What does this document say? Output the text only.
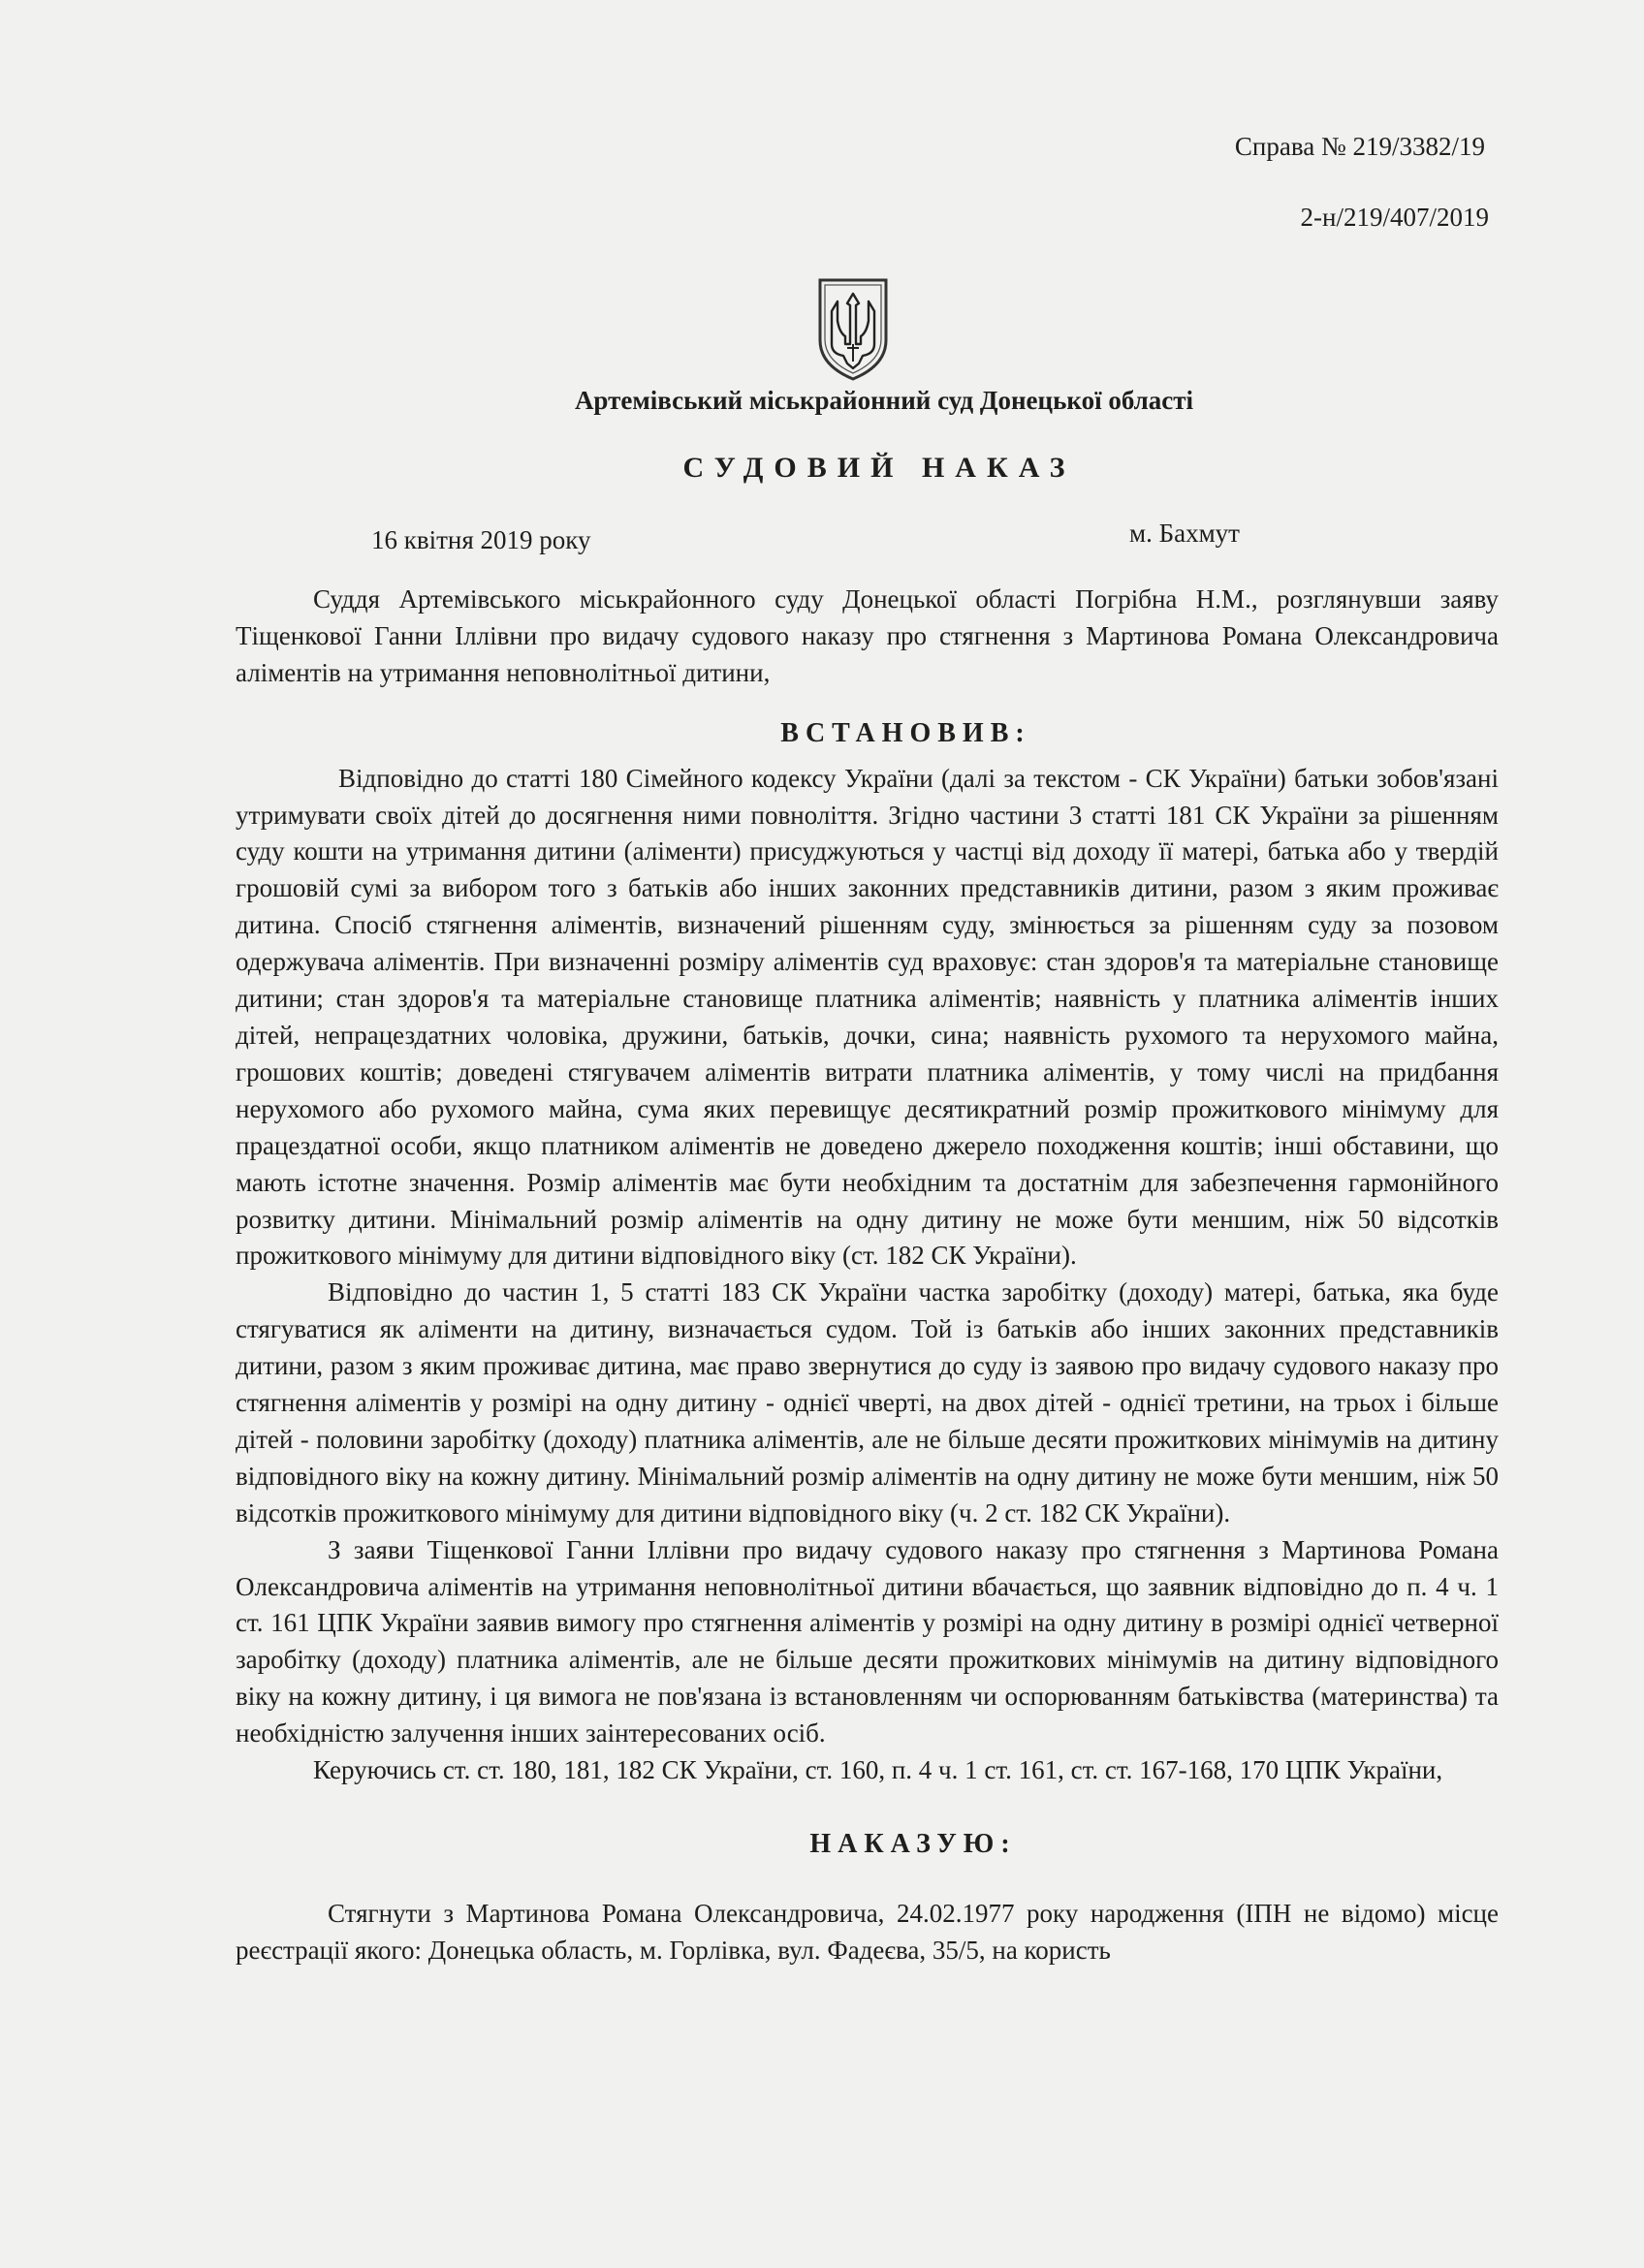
Справа № 219/3382/19
2-н/219/407/2019
Артемівський міськрайонний суд Донецької області
СУДОВИЙ НАКАЗ
16 квітня 2019 року	м. Бахмут

Суддя Артемівського міськрайонного суду Донецької області Погрібна Н.М., розглянувши заяву Тіщенкової Ганни Іллівни про видачу судового наказу про стягнення з Мартинова Романа Олександровича аліментів на утримання неповнолітньої дитини,

ВСТАНОВИВ:

Відповідно до статті 180 Сімейного кодексу України (далі за текстом - СК України) батьки зобов'язані утримувати своїх дітей до досягнення ними повноліття. Згідно частини 3 статті 181 СК України за рішенням суду кошти на утримання дитини (аліменти) присуджуються у частці від доходу її матері, батька або у твердій грошовій сумі за вибором того з батьків або інших законних представників дитини, разом з яким проживає дитина. Спосіб стягнення аліментів, визначений рішенням суду, змінюється за рішенням суду за позовом одержувача аліментів. При визначенні розміру аліментів суд враховує: стан здоров'я та матеріальне становище дитини; стан здоров'я та матеріальне становище платника аліментів; наявність у платника аліментів інших дітей, непрацездатних чоловіка, дружини, батьків, дочки, сина; наявність рухомого та нерухомого майна, грошових коштів; доведені стягувачем аліментів витрати платника аліментів, у тому числі на придбання нерухомого або рухомого майна, сума яких перевищує десятикратний розмір прожиткового мінімуму для працездатної особи, якщо платником аліментів не доведено джерело походження коштів; інші обставини, що мають істотне значення. Розмір аліментів має бути необхідним та достатнім для забезпечення гармонійного розвитку дитини. Мінімальний розмір аліментів на одну дитину не може бути меншим, ніж 50 відсотків прожиткового мінімуму для дитини відповідного віку (ст. 182 СК України).

Відповідно до частин 1, 5 статті 183 СК України частка заробітку (доходу) матері, батька, яка буде стягуватися як аліменти на дитину, визначається судом. Той із батьків або інших законних представників дитини, разом з яким проживає дитина, має право звернутися до суду із заявою про видачу судового наказу про стягнення аліментів у розмірі на одну дитину - однієї чверті, на двох дітей - однієї третини, на трьох і більше дітей - половини заробітку (доходу) платника аліментів, але не більше десяти прожиткових мінімумів на дитину відповідного віку на кожну дитину. Мінімальний розмір аліментів на одну дитину не може бути меншим, ніж 50 відсотків прожиткового мінімуму для дитини відповідного віку (ч. 2 ст. 182 СК України).

З заяви Тіщенкової Ганни Іллівни про видачу судового наказу про стягнення з Мартинова Романа Олександровича аліментів на утримання неповнолітньої дитини вбачається, що заявник відповідно до п. 4 ч. 1 ст. 161 ЦПК України заявив вимогу про стягнення аліментів у розмірі на одну дитину в розмірі однієї четверної заробітку (доходу) платника аліментів, але не більше десяти прожиткових мінімумів на дитину відповідного віку на кожну дитину, і ця вимога не пов'язана із встановленням чи оспорюванням батьківства (материнства) та необхідністю залучення інших заінтересованих осіб.

Керуючись ст. ст. 180, 181, 182 СК України, ст. 160, п. 4 ч. 1 ст. 161, ст. ст. 167-168, 170 ЦПК України,

НАКАЗУЮ:

Стягнути з Мартинова Романа Олександровича, 24.02.1977 року народження (ІПН не відомо) місце реєстрації якого: Донецька область, м. Горлівка, вул. Фадеєва, 35/5, на користь
